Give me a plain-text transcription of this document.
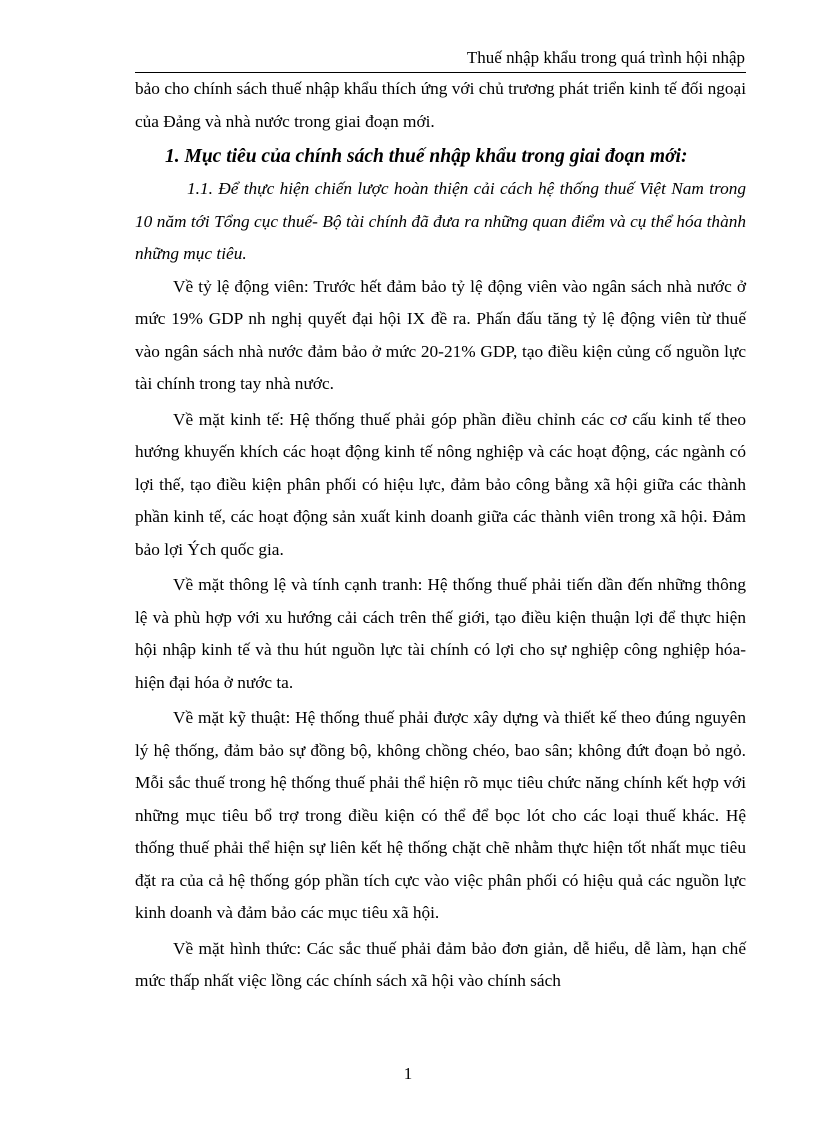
Thuế nhập khẩu trong quá trình hội nhập

bảo cho chính sách thuế nhập khẩu thích ứng với chủ trương phát triển kinh tế đối ngoại của Đảng và nhà nước trong giai đoạn mới.

1. Mục tiêu của chính sách thuế nhập khẩu trong giai đoạn mới:

1.1. Để thực hiện chiến lược hoàn thiện cải cách hệ thống thuế Việt Nam trong 10 năm tới Tổng cục thuế- Bộ tài chính đã đưa ra những quan điểm và cụ thể hóa thành những mục tiêu.

Về tỷ lệ động viên: Trước hết đảm bảo tỷ lệ động viên vào ngân sách nhà nước ở mức 19% GDP nh nghị quyết đại hội IX đề ra. Phấn đấu tăng tỷ lệ động viên từ thuế vào ngân sách nhà nước đảm bảo ở mức 20-21% GDP, tạo điều kiện củng cố nguồn lực tài chính trong tay nhà nước.

Về mặt kinh tế: Hệ thống thuế phải góp phần điều chỉnh các cơ cấu kinh tế theo hướng khuyến khích các hoạt động kinh tế nông nghiệp và các hoạt động, các ngành có lợi thế, tạo điều kiện phân phối có hiệu lực, đảm bảo công bằng xã hội giữa các thành phần kinh tế, các hoạt động sản xuất kinh doanh giữa các thành viên trong xã hội. Đảm bảo lợi Ých quốc gia.

Về mặt thông lệ và tính cạnh tranh: Hệ thống thuế phải tiến dần đến những thông lệ và phù hợp với xu hướng cải cách trên thế giới, tạo điều kiện thuận lợi để thực hiện hội nhập kinh tế và thu hút nguồn lực tài chính có lợi cho sự nghiệp công nghiệp hóa- hiện đại hóa ở nước ta.

Về mặt kỹ thuật: Hệ thống thuế phải được xây dựng và thiết kế theo đúng nguyên lý hệ thống, đảm bảo sự đồng bộ, không chồng chéo, bao sân; không đứt đoạn bỏ ngỏ. Mỗi sắc thuế trong hệ thống thuế phải thể hiện rõ mục tiêu chức năng chính kết hợp với những mục tiêu bổ trợ trong điều kiện có thể để bọc lót cho các loại thuế khác. Hệ thống thuế phải thể hiện sự liên kết hệ thống chặt chẽ nhằm thực hiện tốt nhất mục tiêu đặt ra của cả hệ thống góp phần tích cực vào việc phân phối có hiệu quả các nguồn lực kinh doanh và đảm bảo các mục tiêu xã hội.

Về mặt hình thức: Các sắc thuế phải đảm bảo đơn giản, dễ hiểu, dễ làm, hạn chế mức thấp nhất việc lồng các chính sách xã hội vào chính sách

1
